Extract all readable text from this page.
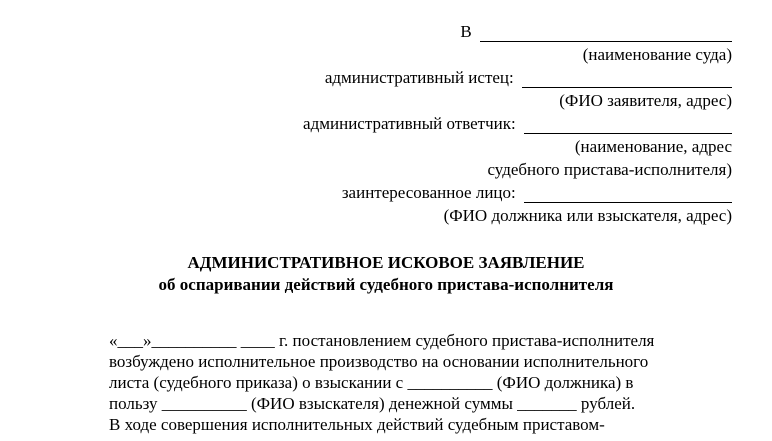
В
(наименование суда)
административный истец:
(ФИО заявителя, адрес)
административный ответчик:
(наименование, адрес
судебного пристава-исполнителя)
заинтересованное лицо:
(ФИО должника или взыскателя, адрес)
АДМИНИСТРАТИВНОЕ ИСКОВОЕ ЗАЯВЛЕНИЕ
об оспаривании действий судебного пристава-исполнителя
«___»__________ ____ г. постановлением судебного пристава-исполнителя
возбуждено исполнительное производство на основании исполнительного
листа (судебного приказа) о взыскании с __________ (ФИО должника) в
пользу __________ (ФИО взыскателя) денежной суммы _______ рублей.
В ходе совершения исполнительных действий судебным приставом-
